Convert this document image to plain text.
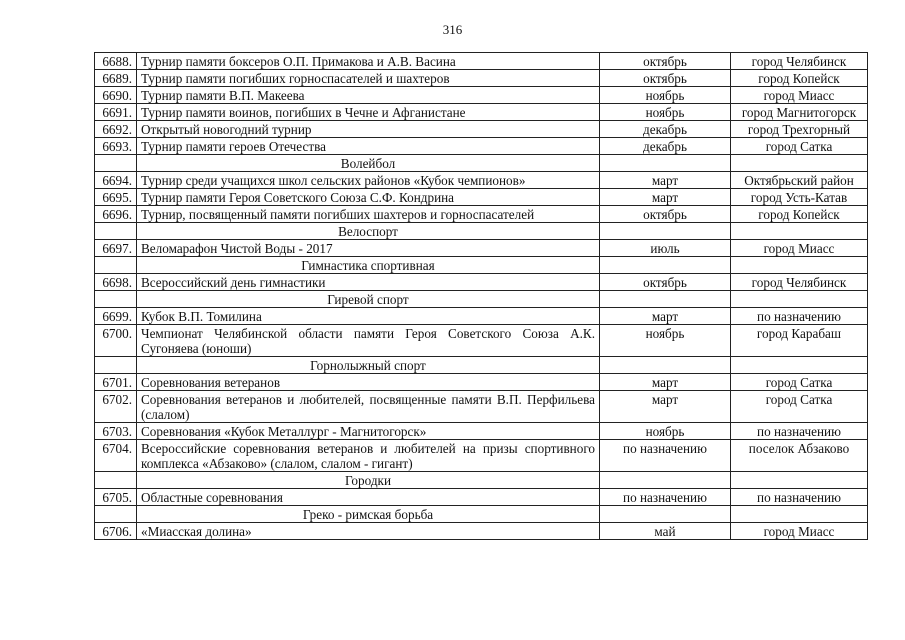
316
6688.	Турнир памяти боксеров О.П. Примакова и А.В. Васина	октябрь	город Челябинск
6689.	Турнир памяти погибших горноспасателей и шахтеров	октябрь	город Копейск
6690.	Турнир памяти В.П. Макеева	ноябрь	город Миасс
6691.	Турнир памяти воинов, погибших в Чечне и Афганистане	ноябрь	город Магнитогорск
6692.	Открытый новогодний турнир	декабрь	город Трехгорный
6693.	Турнир памяти героев Отечества	декабрь	город Сатка
	Волейбол		
6694.	Турнир среди учащихся школ сельских районов «Кубок чемпионов»	март	Октябрьский район
6695.	Турнир памяти Героя Советского Союза С.Ф. Кондрина	март	город Усть-Катав
6696.	Турнир, посвященный памяти погибших шахтеров и горноспасателей	октябрь	город Копейск
	Велоспорт		
6697.	Веломарафон Чистой Воды - 2017	июль	город Миасс
	Гимнастика спортивная		
6698.	Всероссийский день гимнастики	октябрь	город Челябинск
	Гиревой спорт		
6699.	Кубок В.П. Томилина	март	по назначению
6700.	Чемпионат Челябинской области памяти Героя Советского Союза А.К. Сугоняева (юноши)	ноябрь	город Карабаш
	Горнолыжный спорт		
6701.	Соревнования ветеранов	март	город Сатка
6702.	Соревнования ветеранов и любителей, посвященные памяти В.П. Перфильева (слалом)	март	город Сатка
6703.	Соревнования «Кубок Металлург - Магнитогорск»	ноябрь	по назначению
6704.	Всероссийские соревнования ветеранов и любителей на призы спортивного комплекса «Абзаково» (слалом, слалом - гигант)	по назначению	поселок Абзаково
	Городки		
6705.	Областные соревнования	по назначению	по назначению
	Греко - римская борьба		
6706.	«Миасская долина»	май	город Миасс
